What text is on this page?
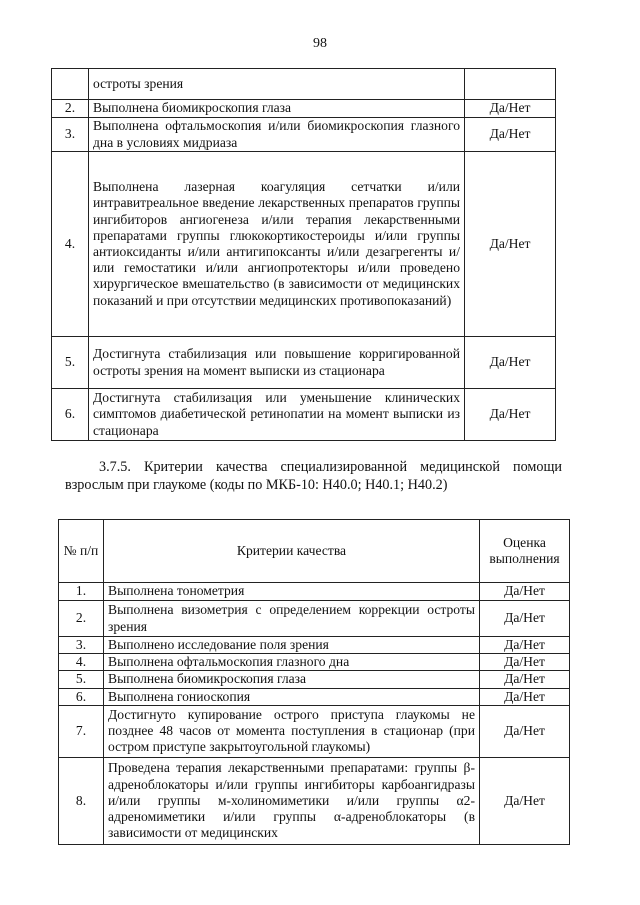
98
	остроты зрения	
2.	Выполнена биомикроскопия глаза	Да/Нет
3.	Выполнена офтальмоскопия и/или биомикроскопия глазного дна в условиях мидриаза	Да/Нет
4.	Выполнена лазерная коагуляция сетчатки и/или интравитреальное введение лекарственных препаратов группы ингибиторов ангиогенеза и/или терапия лекарственными препаратами группы глюкокортикостероиды и/или группы антиоксиданты и/или антигипоксанты и/или дезагрегенты и/или гемостатики и/или ангиопротекторы и/или проведено хирургическое вмешательство (в зависимости от медицинских показаний и при отсутствии медицинских противопоказаний)	Да/Нет
5.	Достигнута стабилизация или повышение корригированной остроты зрения на момент выписки из стационара	Да/Нет
6.	Достигнута стабилизация или уменьшение клинических симптомов диабетической ретинопатии на момент выписки из стационара	Да/Нет
3.7.5. Критерии качества специализированной медицинской помощи взрослым при глаукоме (коды по МКБ-10: H40.0; H40.1; H40.2)
№ п/п	Критерии качества	Оценка выполнения
1.	Выполнена тонометрия	Да/Нет
2.	Выполнена визометрия с определением коррекции остроты зрения	Да/Нет
3.	Выполнено исследование поля зрения	Да/Нет
4.	Выполнена офтальмоскопия глазного дна	Да/Нет
5.	Выполнена биомикроскопия глаза	Да/Нет
6.	Выполнена гониоскопия	Да/Нет
7.	Достигнуто купирование острого приступа глаукомы не позднее 48 часов от момента поступления в стационар (при остром приступе закрытоугольной глаукомы)	Да/Нет
8.	Проведена терапия лекарственными препаратами: группы β-адреноблокаторы и/или группы ингибиторы карбоангидразы и/или группы м-холиномиметики и/или группы α2-адреномиметики и/или группы α-адреноблокаторы (в зависимости от медицинских	Да/Нет
